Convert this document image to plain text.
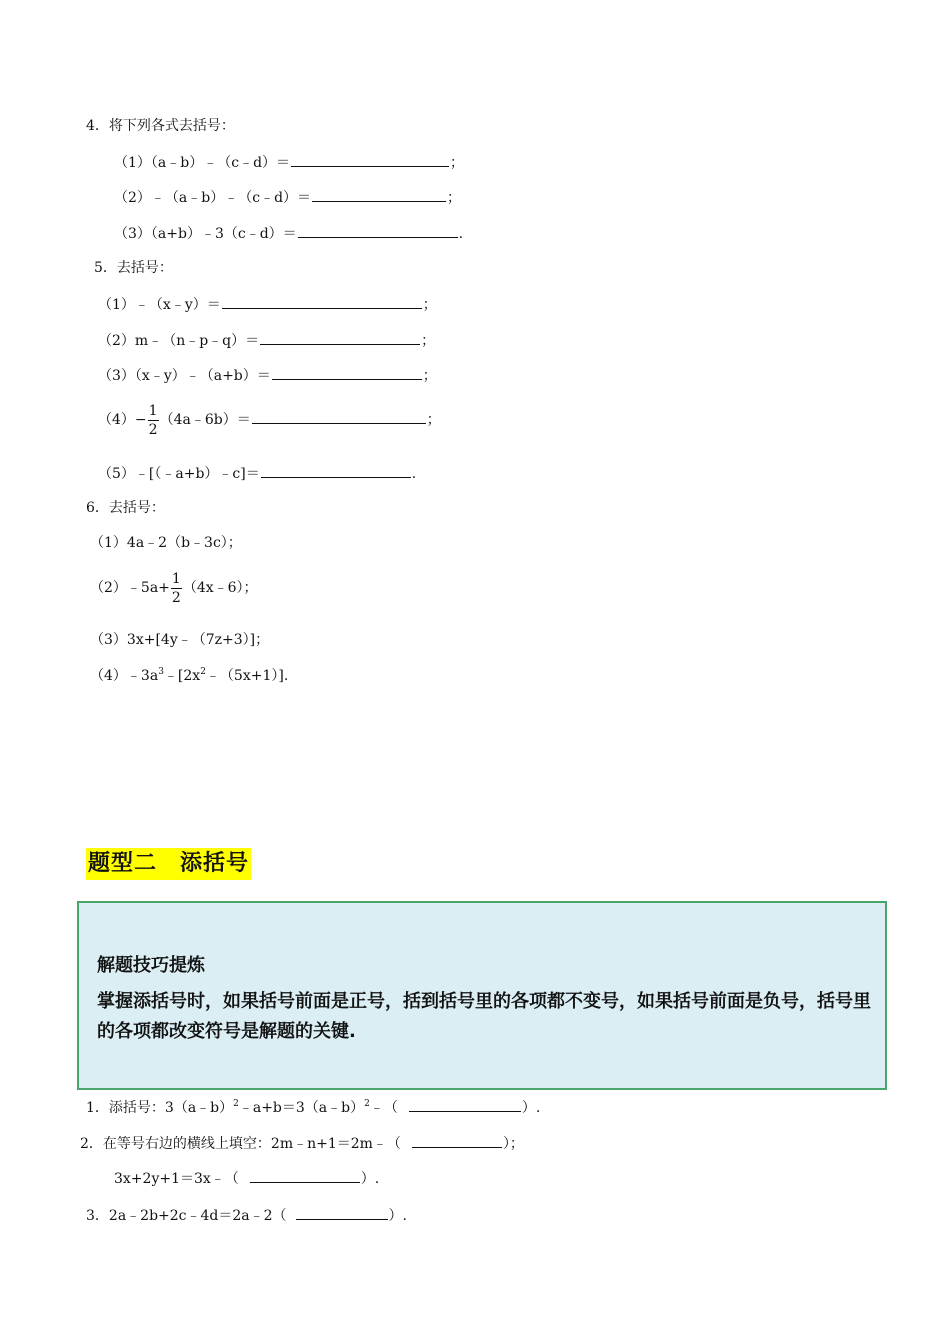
4．将下列各式去括号：
（1）（a﹣b）﹣（c﹣d）＝	；
（2）﹣（a﹣b）﹣（c﹣d）＝	；
（3）（a+b）﹣3（c﹣d）＝	.
5．去括号：
（1）﹣（x﹣y）＝	；
（2）m﹣（n﹣p﹣q）＝	；
（3）（x﹣y）﹣（a+b）＝	；
$(4)- \frac{1}{2}$ （4a﹣6b）＝	；
（5）﹣[（﹣a+b）﹣c]＝	.
6．去括号：
（1）4a﹣2（b﹣3c）；
（2）﹣5a+ $\frac{1}{2}$ （4x﹣6）；
（3）3x+[4y﹣（7z+3）]；
$(4)﹣3a^3﹣[2x^2﹣(5x+1)]$.
题型二　添括号
解题技巧提炼
掌握添括号时，如果括号前面是正号，括到括号里的各项都不变号，如果括号前面是负号，括号里的各项都改变符号是解题的关键.
1．添括号：3（a﹣b）$^2$﹣a+b＝3（a﹣b）$^2$﹣（	）.
2．在等号右边的横线上填空：2m﹣n+1＝2m﹣（	）；
3x+2y+1＝3x﹣（	）.
3．2a﹣2b+2c﹣4d＝2a﹣2（	）.
